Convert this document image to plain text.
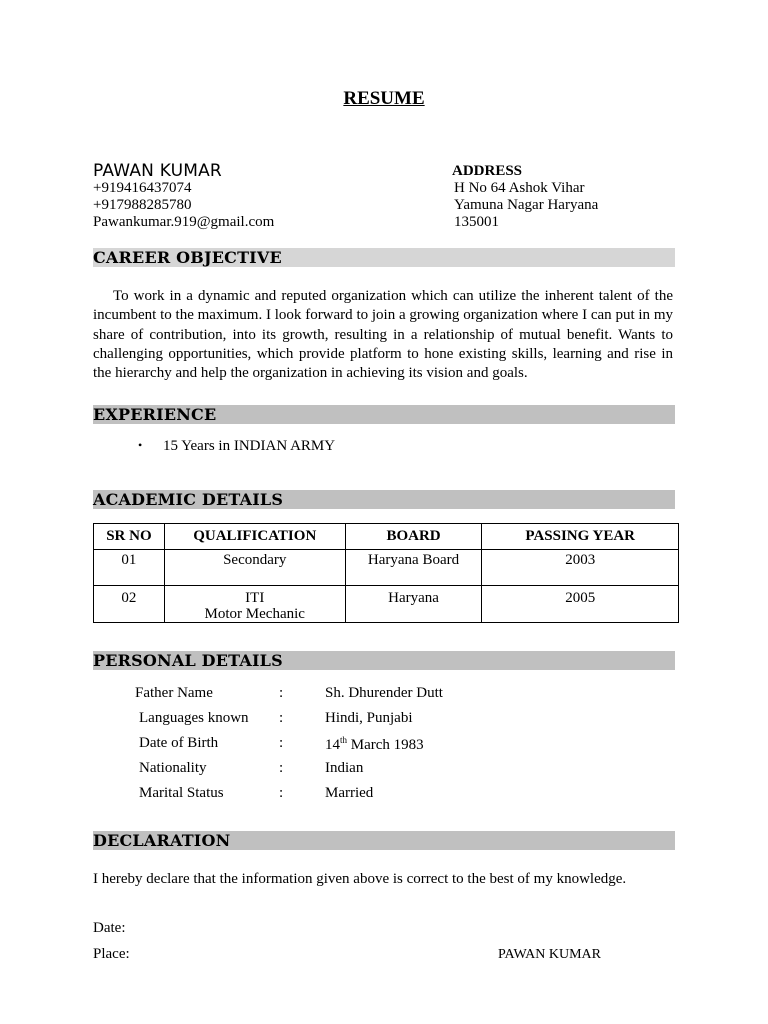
RESUME
PAWAN KUMAR
+919416437074
+917988285780
Pawankumar.919@gmail.com
ADDRESS
H No 64 Ashok Vihar
Yamuna Nagar Haryana
135001
CAREER OBJECTIVE

To work in a dynamic and reputed organization which can utilize the inherent talent of the incumbent to the maximum. I look forward to join a growing organization where I can put in my share of contribution, into its growth, resulting in a relationship of mutual benefit. Wants to challenging opportunities, which provide platform to hone existing skills, learning and rise in the hierarchy and help the organization in achieving its vision and goals.

EXPERIENCE
• 15 Years in INDIAN ARMY
ACADEMIC DETAILS
SR NO	QUALIFICATION	BOARD	PASSING YEAR
01	Secondary	Haryana Board	2003
02	ITI
Motor Mechanic	Haryana	2005
PERSONAL DETAILS
Father Name	:	Sh. Dhurender Dutt
Languages known :	Hindi, Punjabi
Date of Birth	:	14th March 1983
Nationality	:	Indian
Marital Status	:	Married
DECLARATION
I hereby declare that the information given above is correct to the best of my knowledge.
Date:
Place:	PAWAN KUMAR
